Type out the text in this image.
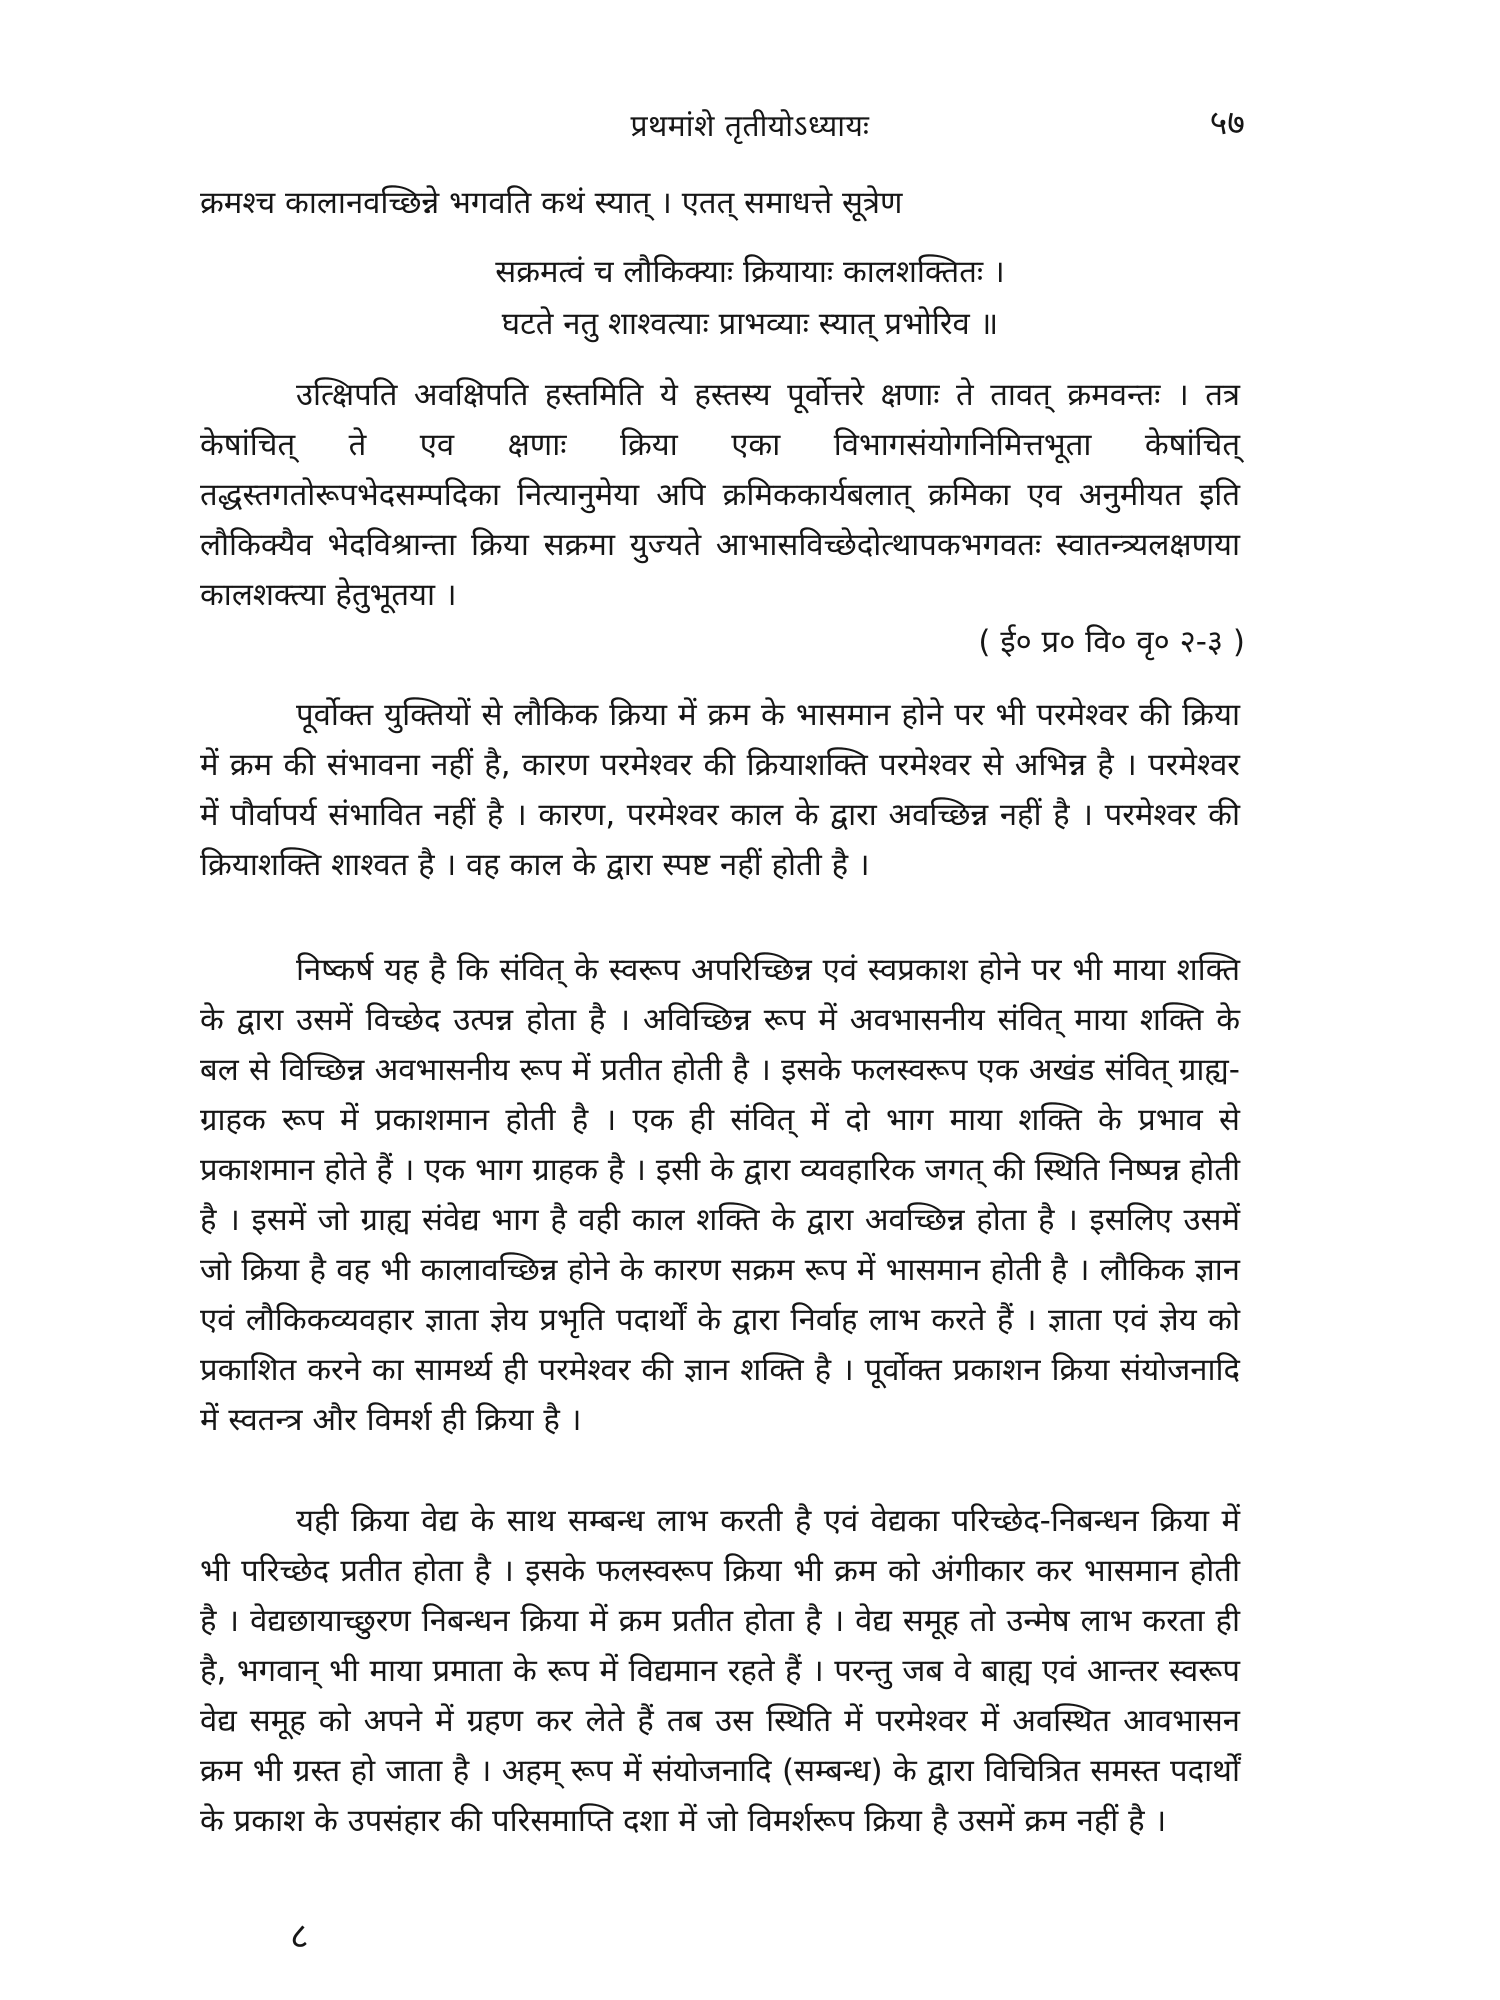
प्रथमांशे तृतीयोऽध्यायः	५७
क्रमश्च कालानवच्छिन्ने भगवति कथं स्यात् । एतत् समाधत्ते सूत्रेण
सक्रमत्वं च लौकिक्याः क्रियायाः कालशक्तितः ।
घटते नतु शाश्वत्याः प्राभव्याः स्यात् प्रभोरिव ॥
उत्क्षिपति अवक्षिपति हस्तमिति ये हस्तस्य पूर्वोत्तरे क्षणाः ते तावत् क्रमवन्तः । तत्र केषांचित् ते एव क्षणाः क्रिया एका विभागसंयोगनिमित्तभूता केषांचित् तद्धस्तगतोरूपभेदसम्पदिका नित्यानुमेया अपि क्रमिककार्यबलात् क्रमिका एव अनुमीयत इति लौकिक्यैव भेदविश्रान्ता क्रिया सक्रमा युज्यते आभासविच्छेदोत्थापकभगवतः स्वातन्त्र्यलक्षणया कालशक्त्या हेतुभूतया ।
( ई० प्र० वि० वृ० २-३ )
पूर्वोक्त युक्तियों से लौकिक क्रिया में क्रम के भासमान होने पर भी परमेश्वर की क्रिया में क्रम की संभावना नहीं है, कारण परमेश्वर की क्रियाशक्ति परमेश्वर से अभिन्न है । परमेश्वर में पौर्वापर्य संभावित नहीं है । कारण, परमेश्वर काल के द्वारा अवच्छिन्न नहीं है । परमेश्वर की क्रियाशक्ति शाश्वत है । वह काल के द्वारा स्पष्ट नहीं होती है ।
निष्कर्ष यह है कि संवित् के स्वरूप अपरिच्छिन्न एवं स्वप्रकाश होने पर भी माया शक्ति के द्वारा उसमें विच्छेद उत्पन्न होता है । अविच्छिन्न रूप में अवभासनीय संवित् माया शक्ति के बल से विच्छिन्न अवभासनीय रूप में प्रतीत होती है । इसके फलस्वरूप एक अखंड संवित् ग्राह्य-ग्राहक रूप में प्रकाशमान होती है । एक ही संवित् में दो भाग माया शक्ति के प्रभाव से प्रकाशमान होते हैं । एक भाग ग्राहक है । इसी के द्वारा व्यवहारिक जगत् की स्थिति निष्पन्न होती है । इसमें जो ग्राह्य संवेद्य भाग है वही काल शक्ति के द्वारा अवच्छिन्न होता है । इसलिए उसमें जो क्रिया है वह भी कालावच्छिन्न होने के कारण सक्रम रूप में भासमान होती है । लौकिक ज्ञान एवं लौकिकव्यवहार ज्ञाता ज्ञेय प्रभृति पदार्थों के द्वारा निर्वाह लाभ करते हैं । ज्ञाता एवं ज्ञेय को प्रकाशित करने का सामर्थ्य ही परमेश्वर की ज्ञान शक्ति है । पूर्वोक्त प्रकाशन क्रिया संयोजनादि में स्वतन्त्र और विमर्श ही क्रिया है ।
यही क्रिया वेद्य के साथ सम्बन्ध लाभ करती है एवं वेद्यका परिच्छेद-निबन्धन क्रिया में भी परिच्छेद प्रतीत होता है । इसके फलस्वरूप क्रिया भी क्रम को अंगीकार कर भासमान होती है । वेद्यछायाच्छुरण निबन्धन क्रिया में क्रम प्रतीत होता है । वेद्य समूह तो उन्मेष लाभ करता ही है, भगवान् भी माया प्रमाता के रूप में विद्यमान रहते हैं । परन्तु जब वे बाह्य एवं आन्तर स्वरूप वेद्य समूह को अपने में ग्रहण कर लेते हैं तब उस स्थिति में परमेश्वर में अवस्थित आवभासन क्रम भी ग्रस्त हो जाता है । अहम् रूप में संयोजनादि (सम्बन्ध) के द्वारा विचित्रित समस्त पदार्थों के प्रकाश के उपसंहार की परिसमाप्ति दशा में जो विमर्शरूप क्रिया है उसमें क्रम नहीं है ।
८
